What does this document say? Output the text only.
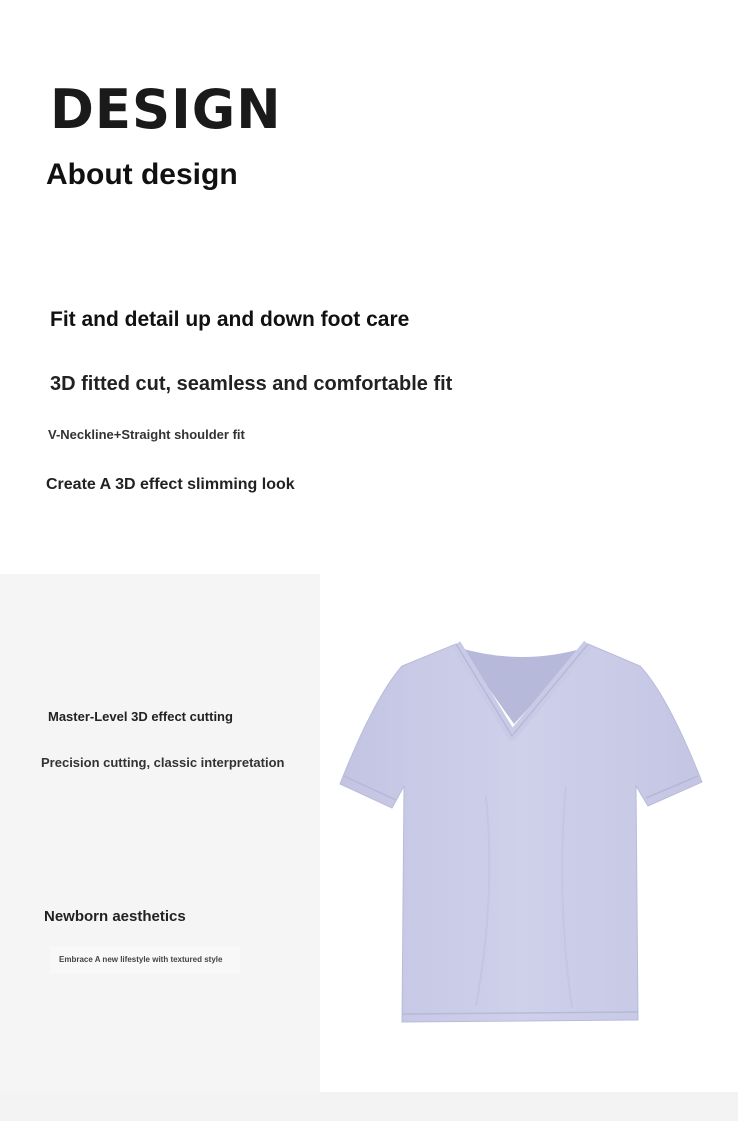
DESIGN
About design
Fit and detail up and down foot care
3D fitted cut, seamless and comfortable fit
V-Neckline+Straight shoulder fit
Create A 3D effect slimming look
Master-Level 3D effect cutting
Precision cutting, classic interpretation
Newborn aesthetics
Embrace A new lifestyle with textured style
